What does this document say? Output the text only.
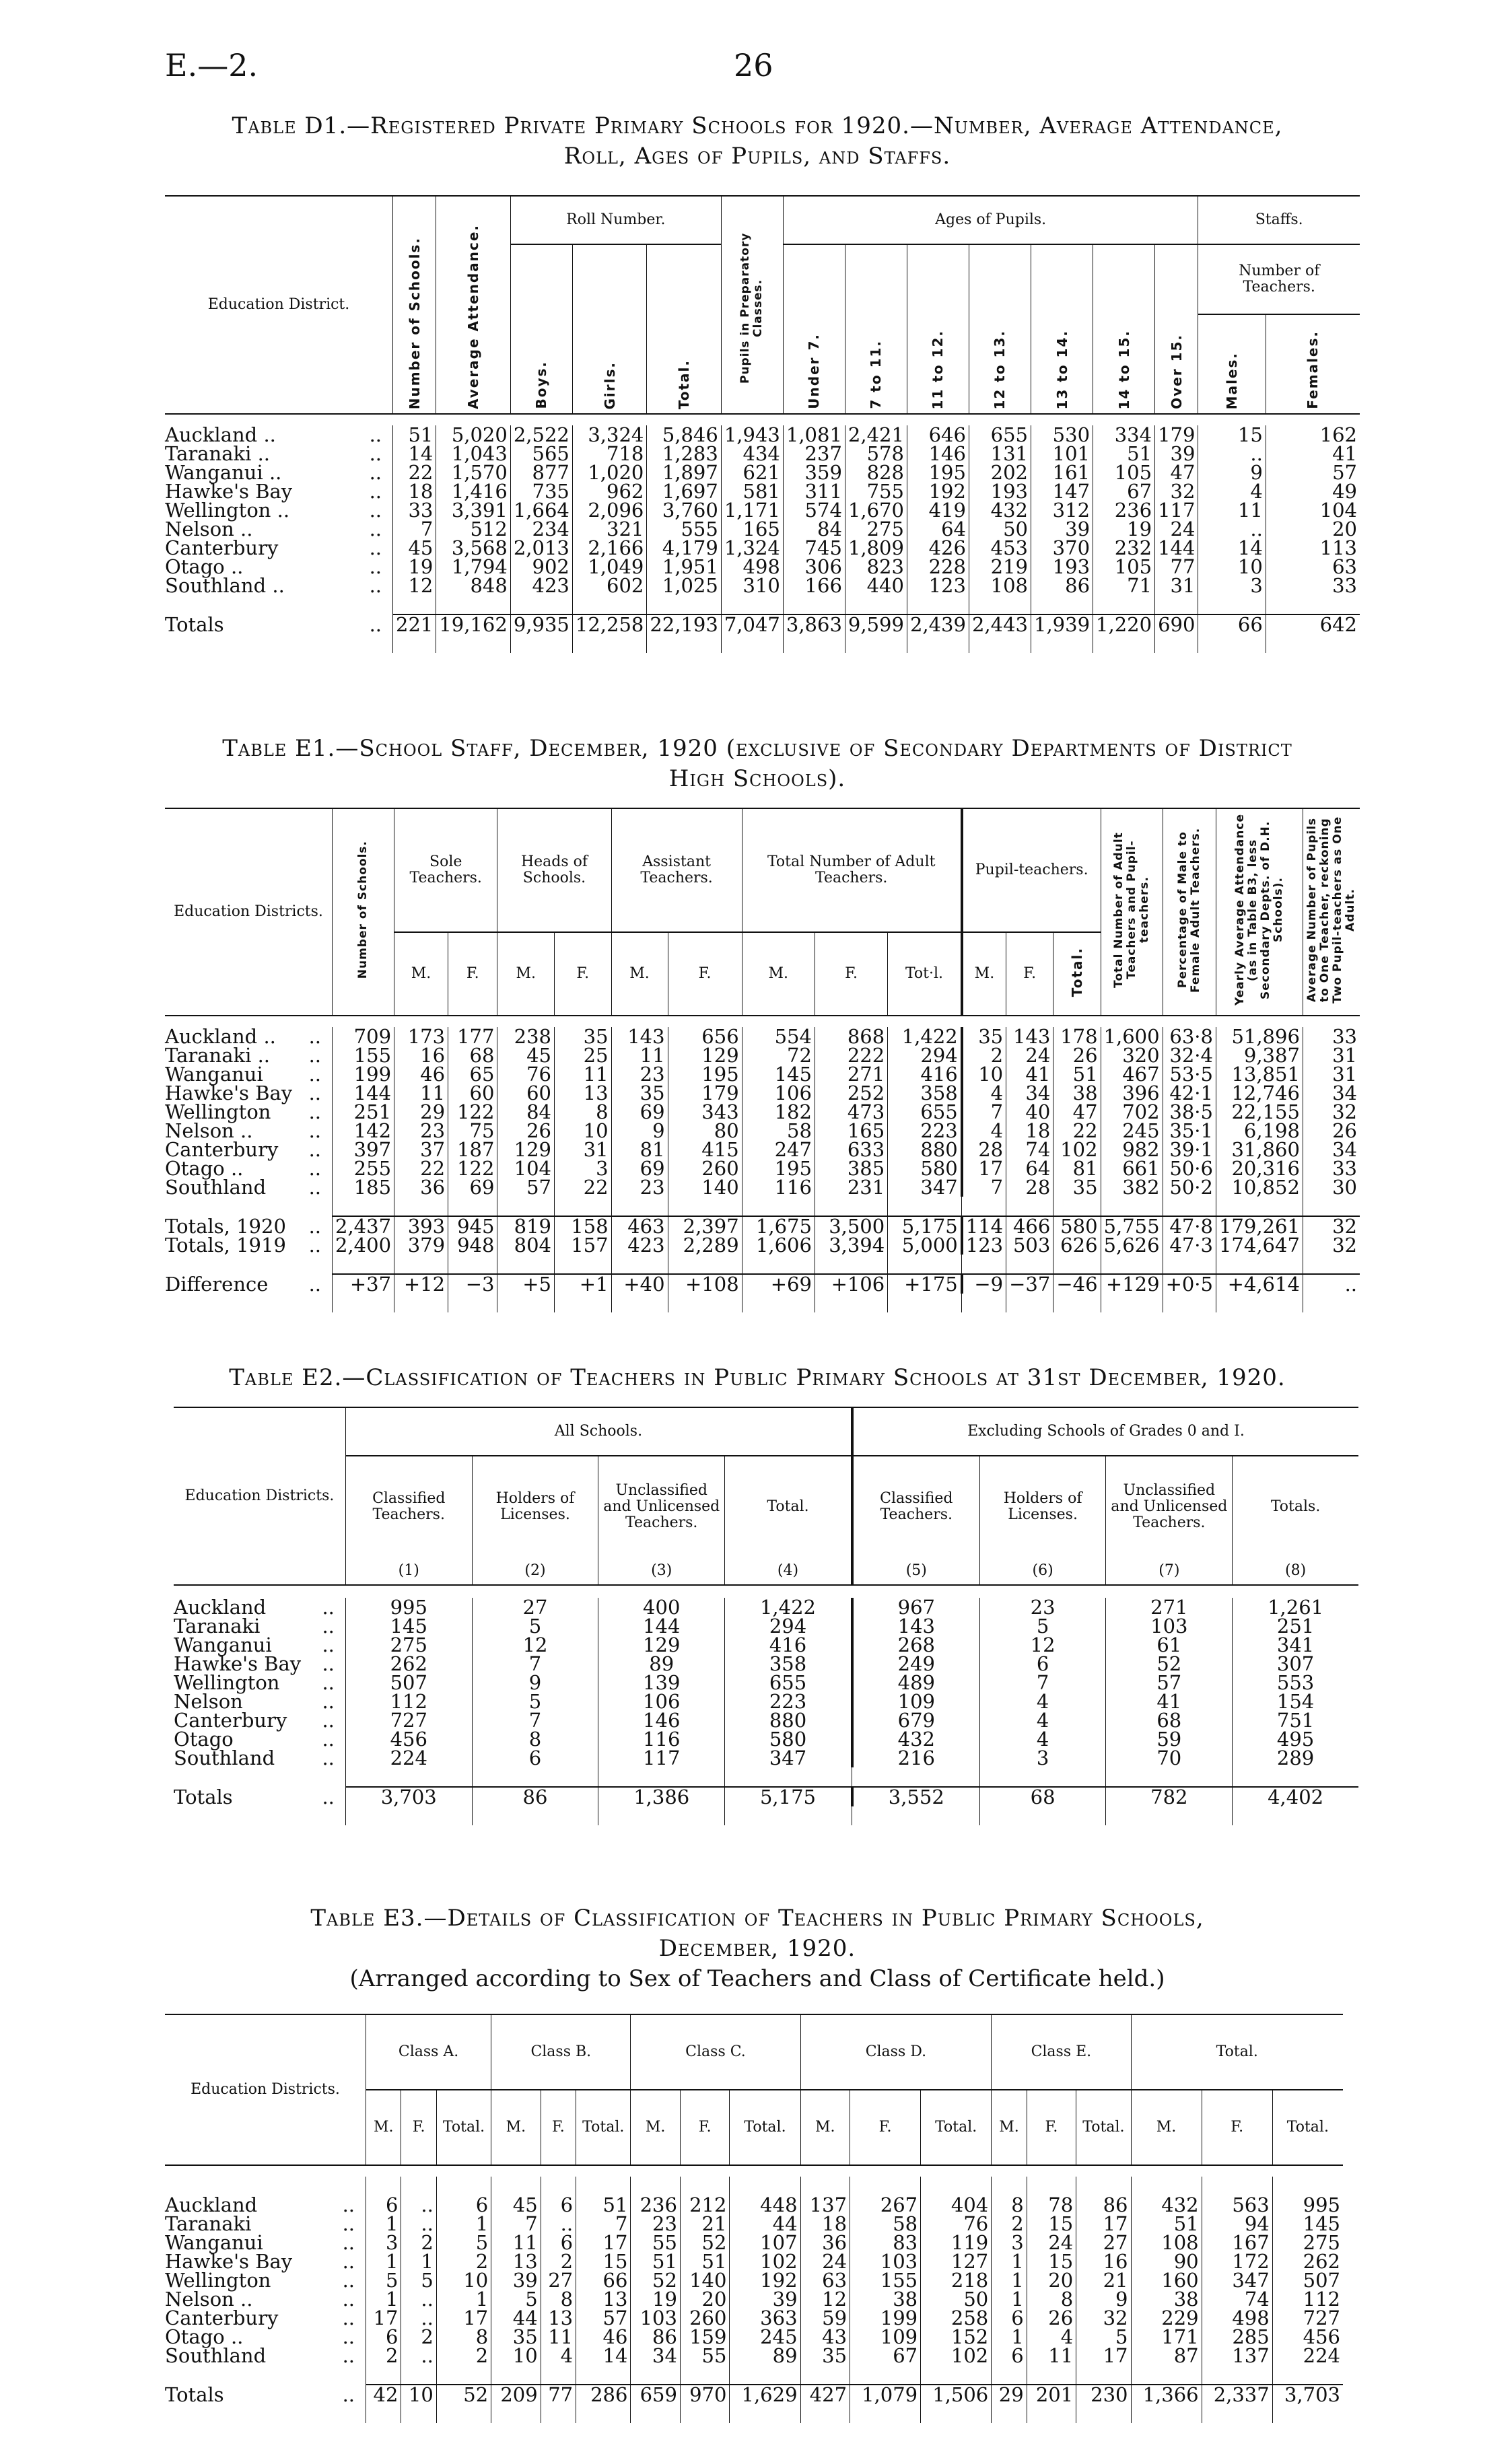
E.—2.	26
Table D1.—Registered Private Primary Schools for 1920.—Number, Average Attendance,
Roll, Ages of Pupils, and Staffs.
Education District.	Number of Schools.	Average Attendance.	Roll Number.			Pupils in Preparatory Classes.	Ages of Pupils.							Staffs.	
			Boys.	Girls.	Total.		Under 7.	7 to 11.	11 to 12.	12 to 13.	13 to 14.	14 to 15.	Over 15.	Number of Teachers.	
														Males.	Females.

Auckland .. ..	51	5,020	2,522	3,324	5,846	1,943	1,081	2,421	646	655	530	334	179	15	162
Taranaki .. ..	14	1,043	565	718	1,283	434	237	578	146	131	101	51	39	..	41
Wanganui .. ..	22	1,570	877	1,020	1,897	621	359	828	195	202	161	105	47	9	57
Hawke's Bay ..	18	1,416	735	962	1,697	581	311	755	192	193	147	67	32	4	49
Wellington .. ..	33	3,391	1,664	2,096	3,760	1,171	574	1,670	419	432	312	236	117	11	104
Nelson .. ..	7	512	234	321	555	165	84	275	64	50	39	19	24	..	20
Canterbury ..	45	3,568	2,013	2,166	4,179	1,324	745	1,809	426	453	370	232	144	14	113
Otago .. ..	19	1,794	902	1,049	1,951	498	306	823	228	219	193	105	77	10	63
Southland .. ..	12	848	423	602	1,025	310	166	440	123	108	86	71	31	3	33

Totals ..	221	19,162	9,935	12,258	22,193	7,047	3,863	9,599	2,439	2,443	1,939	1,220	690	66	642

Table E1.—School Staff, December, 1920 (exclusive of Secondary Departments of District
High Schools).
Education Districts.	Number of Schools.	Sole Teachers.		Heads of Schools.		Assistant Teachers.		Total Number of Adult Teachers.			Pupil-teachers.			Total Number of Adult Teachers and Pupil-teachers.	Percentage of Male to Female Adult Teachers.	Yearly Average Attendance (as in Table B3, less Secondary Depts. of D.H. Schools).	Average Number of Pupils to One Teacher, reckoning Two Pupil-teachers as One Adult.
		M.	F.	M.	F.	M.	F.	M.	F.	Tot·l.	M.	F.	Total.				

Auckland .. ..	709	173	177	238	35	143	656	554	868	1,422	35	143	178	1,600	63·8	51,896	33
Taranaki .. ..	155	16	68	45	25	11	129	72	222	294	2	24	26	320	32·4	9,387	31
Wanganui ..	199	46	65	76	11	23	195	145	271	416	10	41	51	467	53·5	13,851	31
Hawke's Bay ..	144	11	60	60	13	35	179	106	252	358	4	34	38	396	42·1	12,746	34
Wellington ..	251	29	122	84	8	69	343	182	473	655	7	40	47	702	38·5	22,155	32
Nelson .. ..	142	23	75	26	10	9	80	58	165	223	4	18	22	245	35·1	6,198	26
Canterbury ..	397	37	187	129	31	81	415	247	633	880	28	74	102	982	39·1	31,860	34
Otago .. ..	255	22	122	104	3	69	260	195	385	580	17	64	81	661	50·6	20,316	33
Southland ..	185	36	69	57	22	23	140	116	231	347	7	28	35	382	50·2	10,852	30

Totals, 1920 ..	2,437	393	945	819	158	463	2,397	1,675	3,500	5,175	114	466	580	5,755	47·8	179,261	32
Totals, 1919 ..	2,400	379	948	804	157	423	2,289	1,606	3,394	5,000	123	503	626	5,626	47·3	174,647	32

Difference ..	+37	+12	−3	+5	+1	+40	+108	+69	+106	+175	−9	−37	−46	+129	+0·5	+4,614	..

Table E2.—Classification of Teachers in Public Primary Schools at 31st December, 1920.
Education Districts.	All Schools.				Excluding Schools of Grades 0 and I.			
	Classified Teachers.	Holders of Licenses.	Unclassified and Unlicensed Teachers.	Total.	Classified Teachers.	Holders of Licenses.	Unclassified and Unlicensed Teachers.	Totals.
	(1)	(2)	(3)	(4)	(5)	(6)	(7)	(8)

Auckland ..	995	27	400	1,422	967	23	271	1,261
Taranaki ..	145	5	144	294	143	5	103	251
Wanganui ..	275	12	129	416	268	12	61	341
Hawke's Bay ..	262	7	89	358	249	6	52	307
Wellington ..	507	9	139	655	489	7	57	553
Nelson ..	112	5	106	223	109	4	41	154
Canterbury ..	727	7	146	880	679	4	68	751
Otago ..	456	8	116	580	432	4	59	495
Southland ..	224	6	117	347	216	3	70	289

Totals ..	3,703	86	1,386	5,175	3,552	68	782	4,402

Table E3.—Details of Classification of Teachers in Public Primary Schools,
December, 1920.
(Arranged according to Sex of Teachers and Class of Certificate held.)
Education Districts.	Class A.			Class B.			Class C.			Class D.			Class E.			Total.		
	M.	F.	Total.	M.	F.	Total.	M.	F.	Total.	M.	F.	Total.	M.	F.	Total.	M.	F.	Total.

Auckland ..	6	..	6	45	6	51	236	212	448	137	267	404	8	78	86	432	563	995
Taranaki ..	1	..	1	7	..	7	23	21	44	18	58	76	2	15	17	51	94	145
Wanganui ..	3	2	5	11	6	17	55	52	107	36	83	119	3	24	27	108	167	275
Hawke's Bay ..	1	1	2	13	2	15	51	51	102	24	103	127	1	15	16	90	172	262
Wellington ..	5	5	10	39	27	66	52	140	192	63	155	218	1	20	21	160	347	507
Nelson .. ..	1	..	1	5	8	13	19	20	39	12	38	50	1	8	9	38	74	112
Canterbury ..	17	..	17	44	13	57	103	260	363	59	199	258	6	26	32	229	498	727
Otago .. ..	6	2	8	35	11	46	86	159	245	43	109	152	1	4	5	171	285	456
Southland ..	2	..	2	10	4	14	34	55	89	35	67	102	6	11	17	87	137	224

Totals ..	42	10	52	209	77	286	659	970	1,629	427	1,079	1,506	29	201	230	1,366	2,337	3,703
